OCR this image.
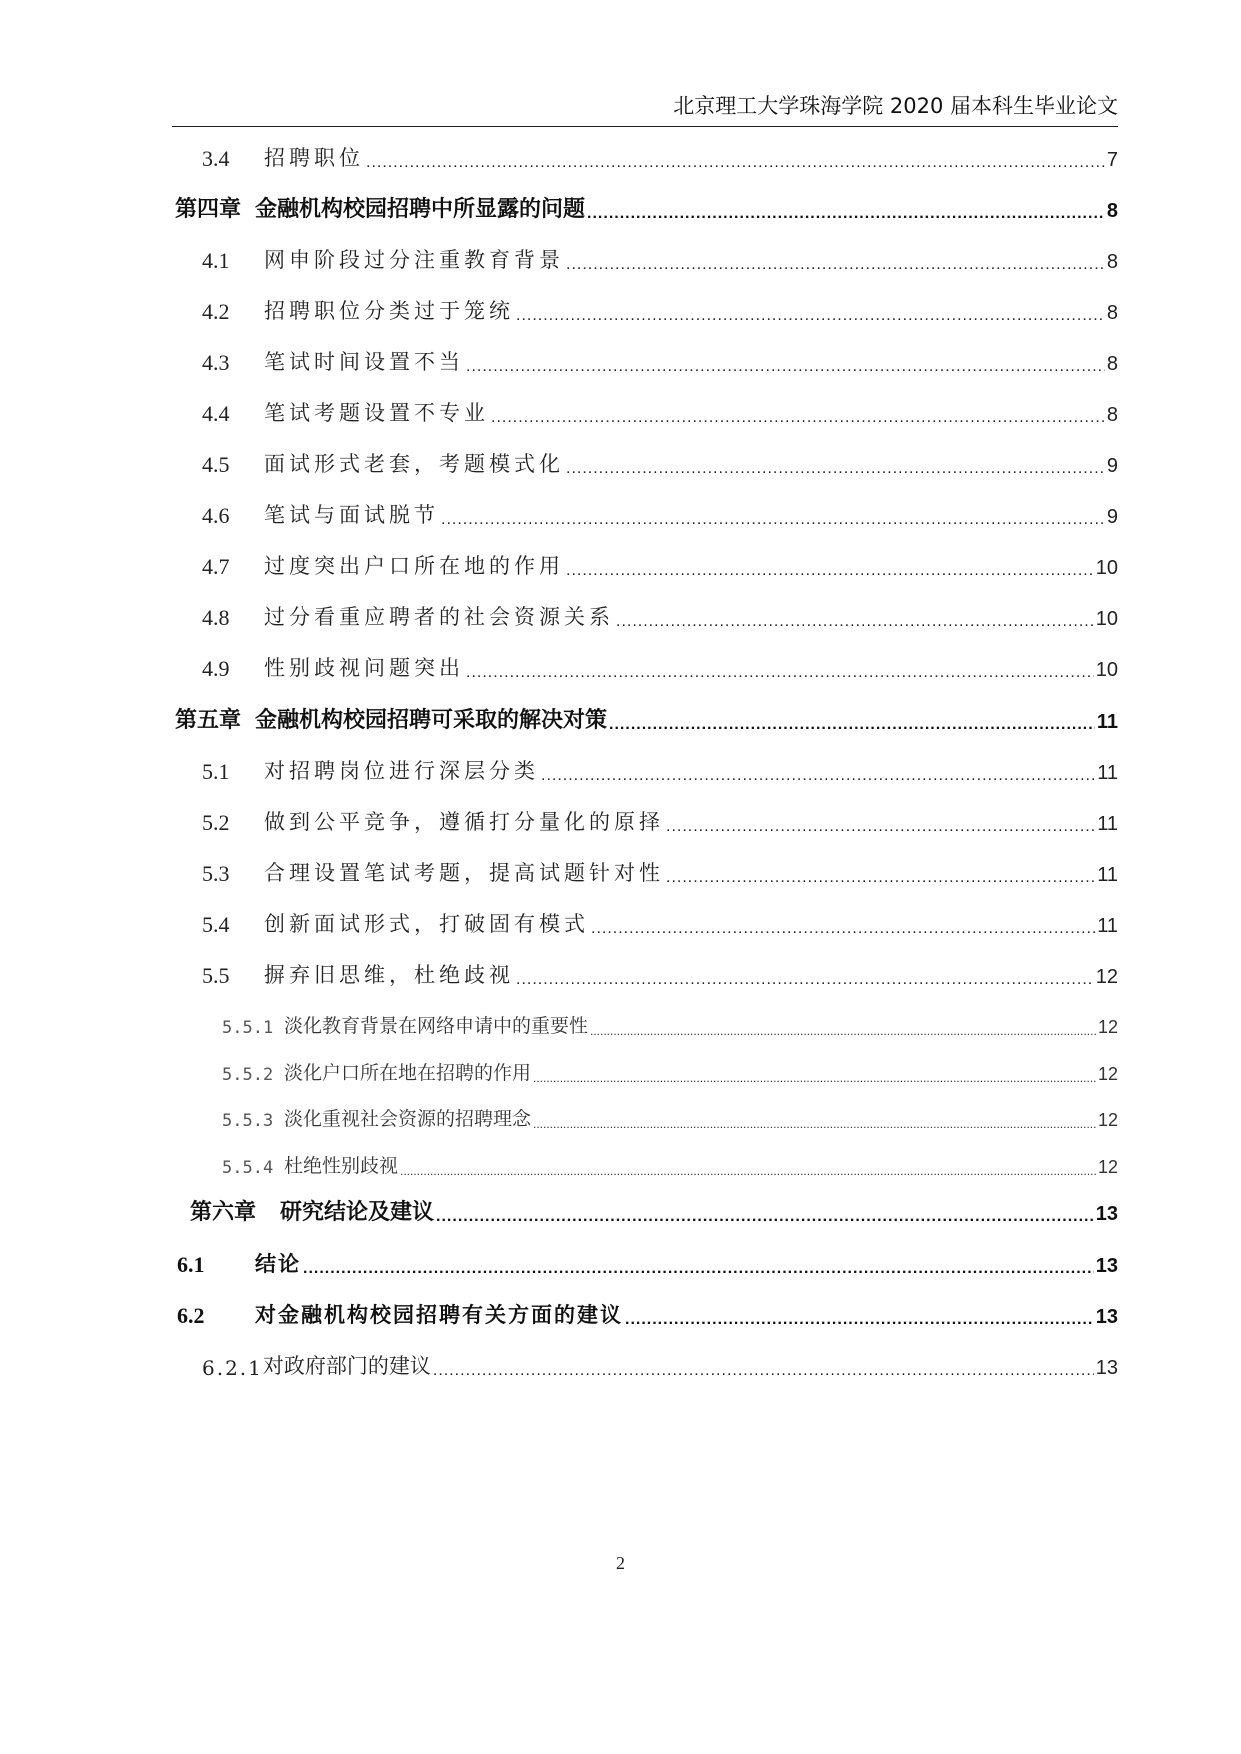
北京理工大学珠海学院 2020 届本科生毕业论文
3.4	招聘职位 .....	7
第四章 金融机构校园招聘中所显露的问题 .....	8
4.1	网申阶段过分注重教育背景 .....	8
4.2	招聘职位分类过于笼统 .....	8
4.3	笔试时间设置不当 .....	8
4.4	笔试考题设置不专业 .....	8
4.5	面试形式老套，考题模式化 .....	9
4.6	笔试与面试脱节 .....	9
4.7	过度突出户口所在地的作用 .....	10
4.8	过分看重应聘者的社会资源关系 .....	10
4.9	性别歧视问题突出 .....	10
第五章 金融机构校园招聘可采取的解决对策 .....	11
5.1	对招聘岗位进行深层分类 .....	11
5.2	做到公平竞争，遵循打分量化的原择 .....	11
5.3	合理设置笔试考题，提高试题针对性 .....	11
5.4	创新面试形式，打破固有模式 .....	11
5.5	摒弃旧思维，杜绝歧视 .....	12
5.5.1 淡化教育背景在网络申请中的重要性 .....	12
5.5.2 淡化户口所在地在招聘的作用 .....	12
5.5.3 淡化重视社会资源的招聘理念 .....	12
5.5.4 杜绝性别歧视 .....	12
第六章 研究结论及建议 .....	13
6.1	结论 .....	13
6.2	对金融机构校园招聘有关方面的建议 .....	13
6.2.1 对政府部门的建议 .....	13
2
